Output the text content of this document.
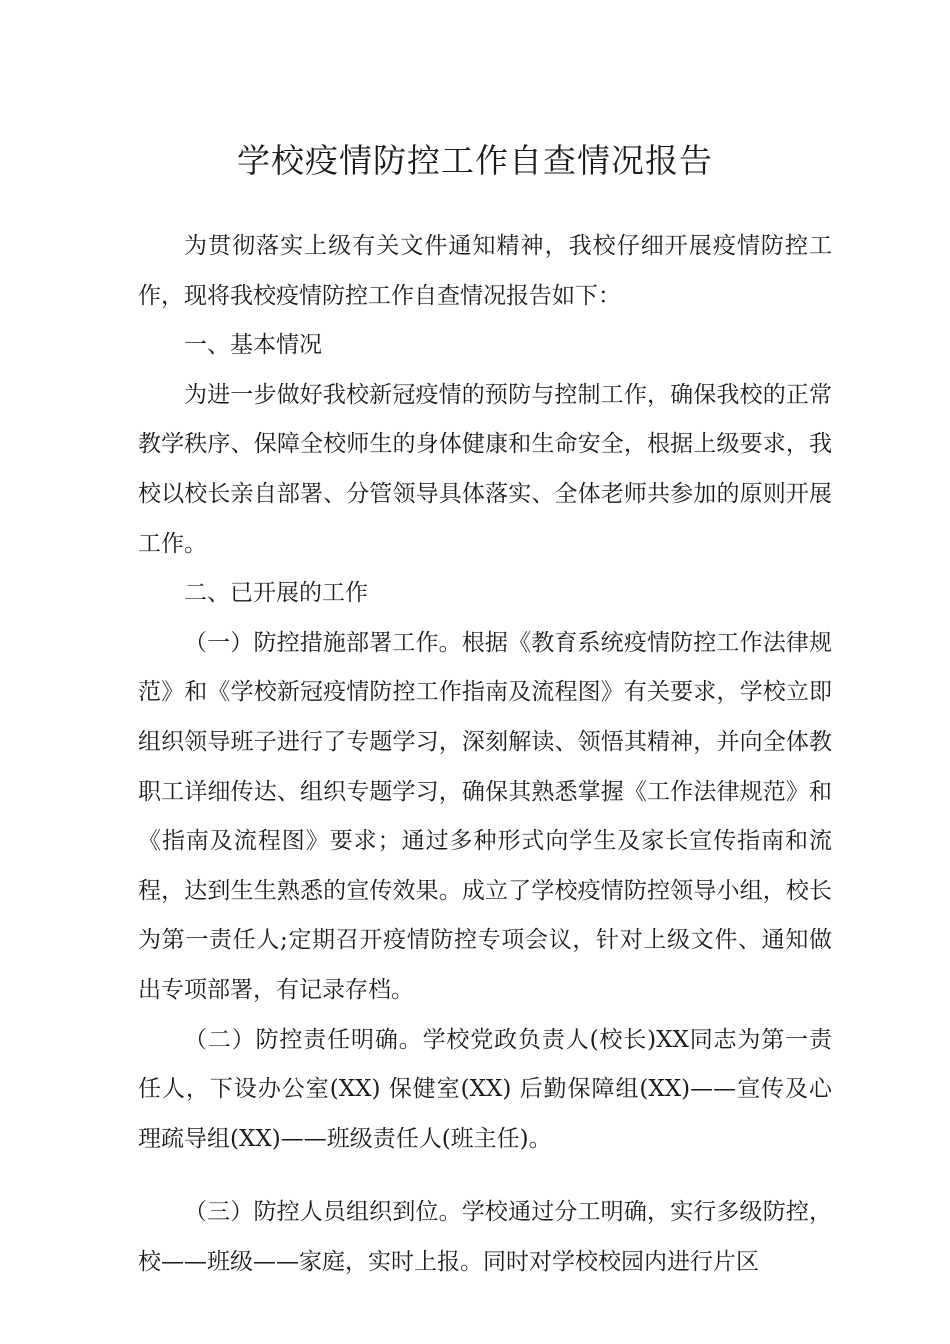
学校疫情防控工作自查情况报告

为贯彻落实上级有关文件通知精神，我校仔细开展疫情防控工作，现将我校疫情防控工作自查情况报告如下：

一、基本情况

为进一步做好我校新冠疫情的预防与控制工作，确保我校的正常教学秩序、保障全校师生的身体健康和生命安全，根据上级要求，我校以校长亲自部署、分管领导具体落实、全体老师共参加的原则开展工作。

二、已开展的工作

（一）防控措施部署工作。根据《教育系统疫情防控工作法律规范》和《学校新冠疫情防控工作指南及流程图》有关要求，学校立即组织领导班子进行了专题学习，深刻解读、领悟其精神，并向全体教职工详细传达、组织专题学习，确保其熟悉掌握《工作法律规范》和《指南及流程图》要求；通过多种形式向学生及家长宣传指南和流程，达到生生熟悉的宣传效果。成立了学校疫情防控领导小组，校长为第一责任人;定期召开疫情防控专项会议，针对上级文件、通知做出专项部署，有记录存档。

（二）防控责任明确。学校党政负责人(校长)XX同志为第一责任人，下设办公室(XX) 保健室(XX) 后勤保障组(XX)——宣传及心理疏导组(XX)——班级责任人(班主任)。

（三）防控人员组织到位。学校通过分工明确，实行多级防控，校——班级——家庭，实时上报。同时对学校校园内进行片区
